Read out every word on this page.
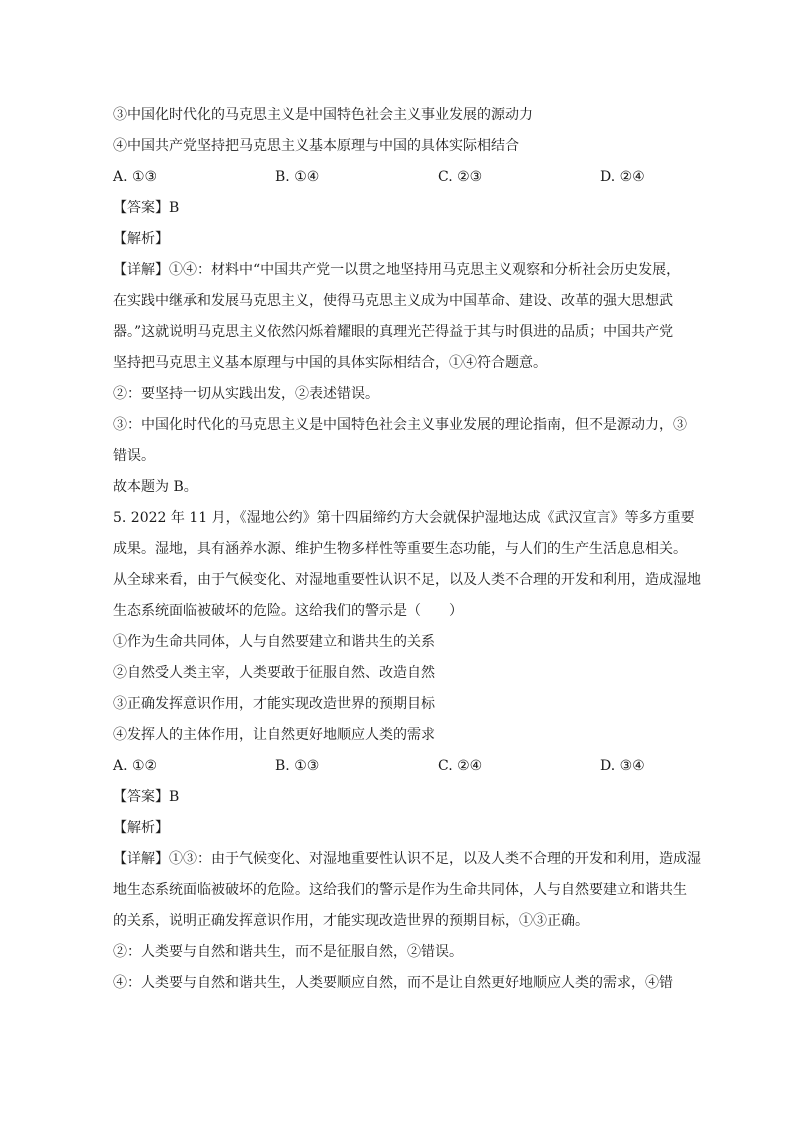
③中国化时代化的马克思主义是中国特色社会主义事业发展的源动力
④中国共产党坚持把马克思主义基本原理与中国的具体实际相结合
A. ①③	B. ①④	C. ②③	D. ②④
【答案】B
【解析】
【详解】①④：材料中“中国共产党一以贯之地坚持用马克思主义观察和分析社会历史发展，
在实践中继承和发展马克思主义，使得马克思主义成为中国革命、建设、改革的强大思想武
器。”这就说明马克思主义依然闪烁着耀眼的真理光芒得益于其与时俱进的品质；中国共产党
坚持把马克思主义基本原理与中国的具体实际相结合，①④符合题意。
②：要坚持一切从实践出发，②表述错误。
③：中国化时代化的马克思主义是中国特色社会主义事业发展的理论指南，但不是源动力，③
错误。
故本题为 B。
5. 2022 年 11 月，《湿地公约》第十四届缔约方大会就保护湿地达成《武汉宣言》等多方重要
成果。湿地，具有涵养水源、维护生物多样性等重要生态功能，与人们的生产生活息息相关。
从全球来看，由于气候变化、对湿地重要性认识不足，以及人类不合理的开发和利用，造成湿地
生态系统面临被破坏的危险。这给我们的警示是（　　）
①作为生命共同体，人与自然要建立和谐共生的关系
②自然受人类主宰，人类要敢于征服自然、改造自然
③正确发挥意识作用，才能实现改造世界的预期目标
④发挥人的主体作用，让自然更好地顺应人类的需求
A. ①②	B. ①③	C. ②④	D. ③④
【答案】B
【解析】
【详解】①③：由于气候变化、对湿地重要性认识不足，以及人类不合理的开发和利用，造成湿
地生态系统面临被破坏的危险。这给我们的警示是作为生命共同体，人与自然要建立和谐共生
的关系，说明正确发挥意识作用，才能实现改造世界的预期目标，①③正确。
②：人类要与自然和谐共生，而不是征服自然，②错误。
④：人类要与自然和谐共生，人类要顺应自然，而不是让自然更好地顺应人类的需求，④错
